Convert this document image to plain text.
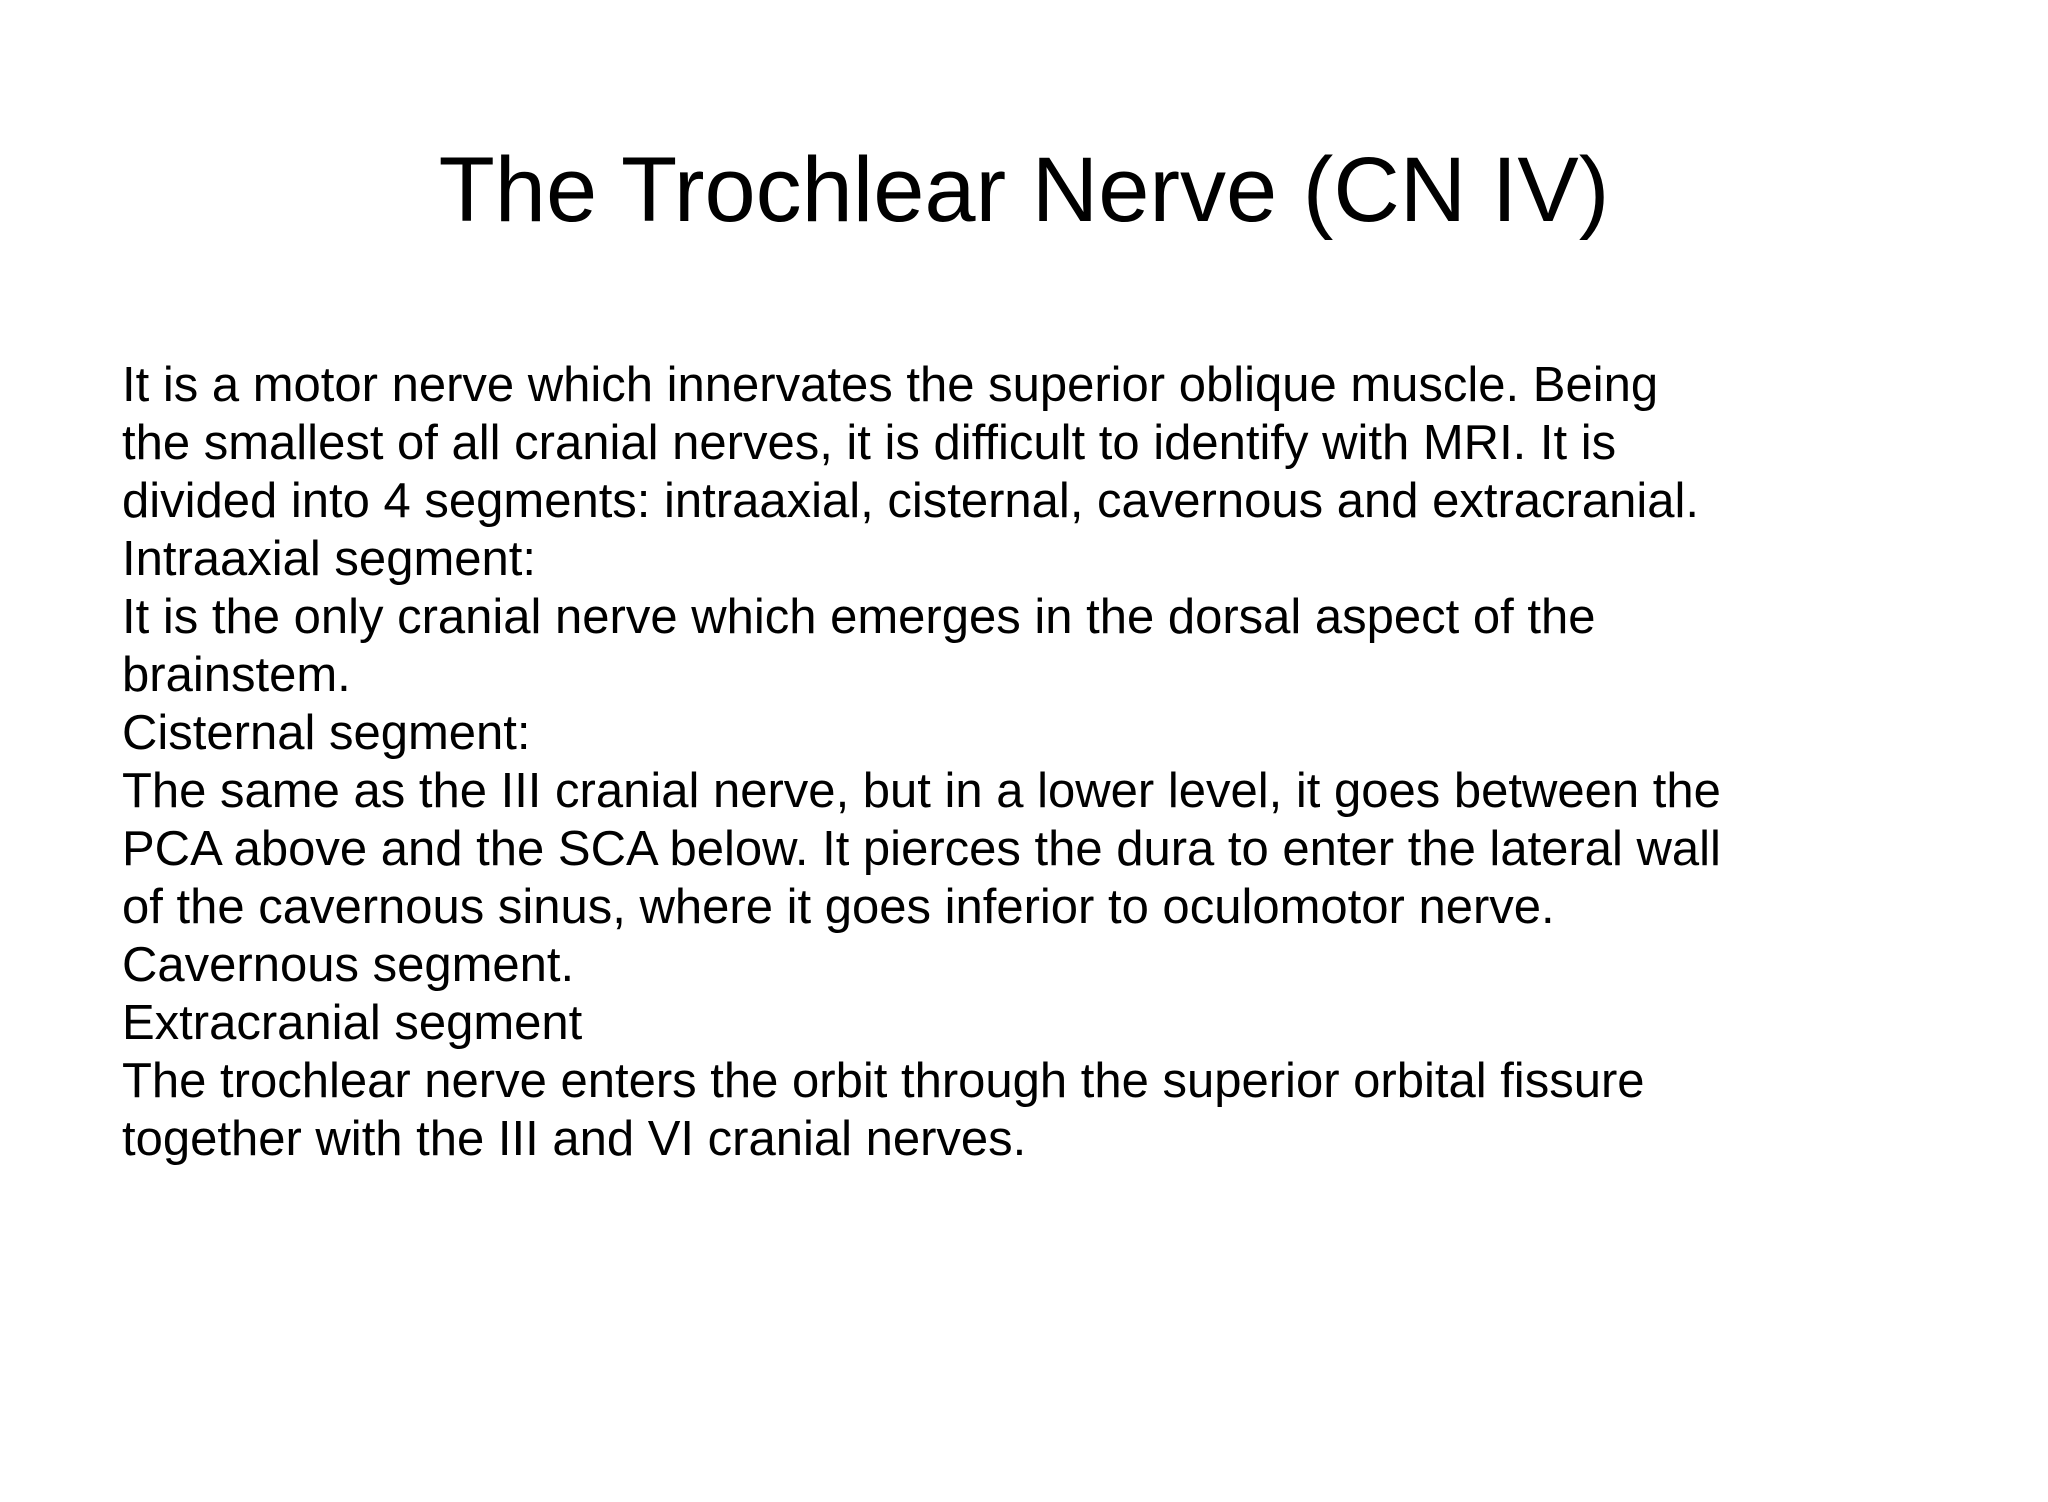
The Trochlear Nerve (CN IV)
It is a motor nerve which innervates the superior oblique muscle. Being
the smallest of all cranial nerves, it is difficult to identify with MRI. It is
divided into 4 segments: intraaxial, cisternal, cavernous and extracranial.
Intraaxial segment:
It is the only cranial nerve which emerges in the dorsal aspect of the
brainstem.
Cisternal segment:
The same as the III cranial nerve, but in a lower level, it goes between the
PCA above and the SCA below. It pierces the dura to enter the lateral wall
of the cavernous sinus, where it goes inferior to oculomotor nerve.
Cavernous segment.
Extracranial segment
The trochlear nerve enters the orbit through the superior orbital fissure
together with the III and VI cranial nerves.
